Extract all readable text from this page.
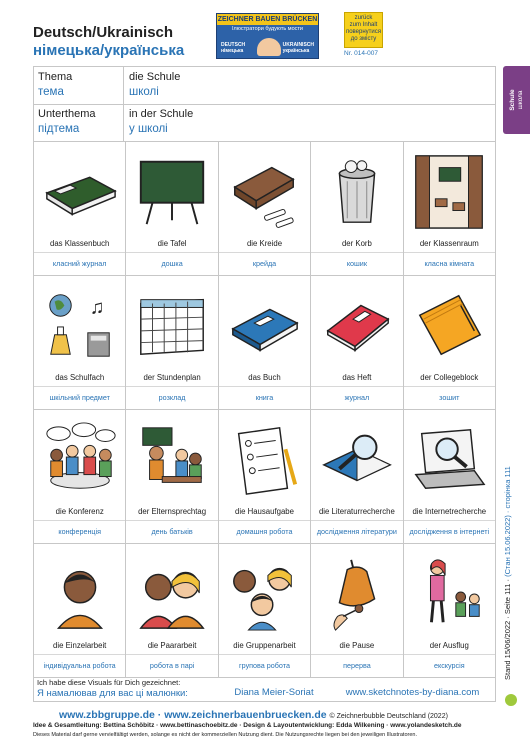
Deutsch/Ukrainisch
німецька/українська
ZEICHNER BAUEN BRÜCKEN
Ілюстратори будують мости
DEUTSCH
німецька
UKRAINISCH
українська
zurück
zum Inhalt
повернутися
до змісту
Nr. 014-007
Schule
школа
Thema
тема
die Schule
школі
Unterthema
підтема
in der Schule
у школі
das Klassenbuch
класний журнал
die Tafel
дошка
die Kreide
крейда
der Korb
кошик
der Klassenraum
класна кімната
♫
das Schulfach
шкільний предмет
der Stundenplan
розклад
das Buch
книга
das Heft
журнал
der Collegeblock
зошит
die Konferenz
конференція
der Elternsprechtag
день батьків
die Hausaufgabe
домашня робота
die Literaturrecherche
дослідження літератури
die Internetrecherche
дослідження в інтернеті
die Einzelarbeit
індивідуальна робота
die Paararbeit
робота в парі
die Gruppenarbeit
групова робота
die Pause
перерва
der Ausflug
екскурсія
Ich habe diese Visuals für Dich gezeichnet:
Я намалював для вас ці малюнки:	Diana Meier-Soriat	www.sketchnotes-by-diana.com
www.zbbgruppe.de · www.zeichnerbauenbruecken.de © Zeichnerbubble Deutschland (2022)
Idee & Gesamtleitung: Bettina Schöbitz · www.bettinaschoebitz.de · Design & Layoutentwicklung: Edda Wilkening · www.yolandesketch.de
Dieses Material darf gerne vervielfältigt werden, solange es nicht der kommerziellen Nutzung dient. Die Nutzungsrechte liegen bei den jeweiligen Illustratoren.
Stand 15/06/2022 · Seite 111 · (Стан 15.06.2022) · сторінка 111
